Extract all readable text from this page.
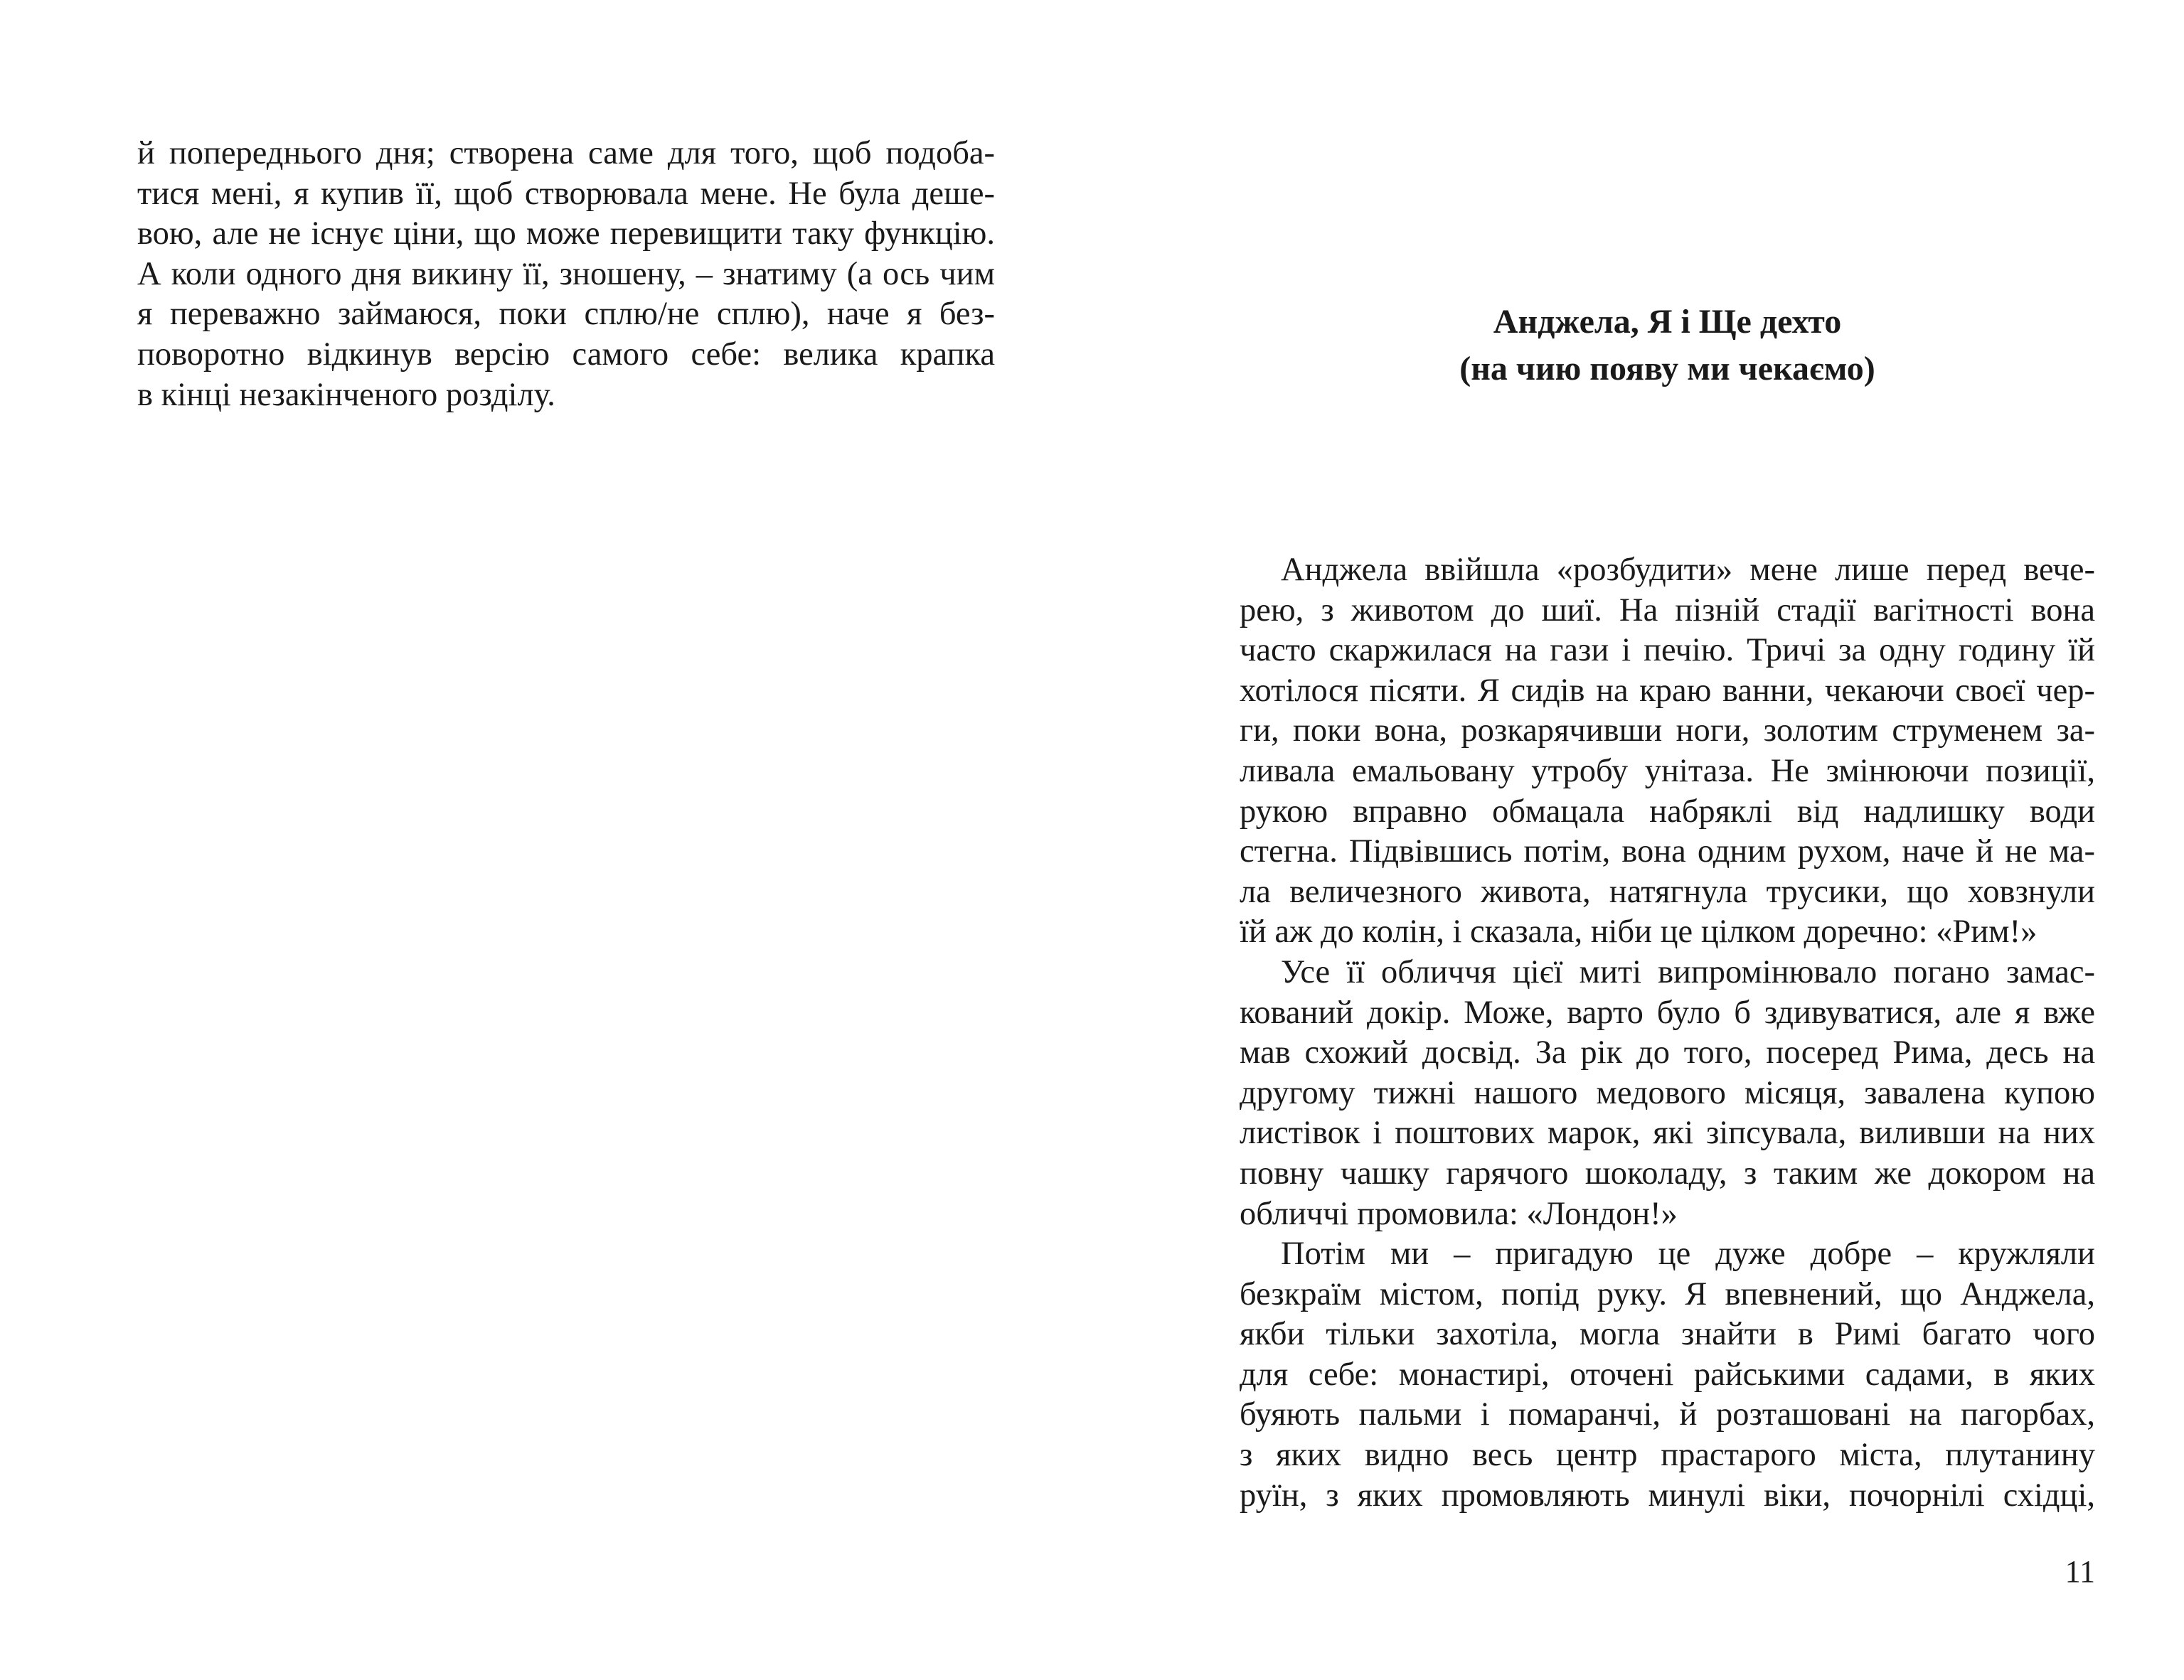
й попереднього дня; створена саме для того, щоб подоба-
тися мені, я купив її, щоб створювала мене. Не була деше-
вою, але не існує ціни, що може перевищити таку функцію.
А коли одного дня викину її, зношену, – знатиму (а ось чим
я переважно займаюся, поки сплю/не сплю), наче я без-
поворотно відкинув версію самого себе: велика крапка
в кінці незакінченого розділу.
Анджела, Я і Ще дехто
(на чию появу ми чекаємо)
Анджела ввійшла «розбудити» мене лише перед вече-
рею, з животом до шиї. На пізній стадії вагітності вона
часто скаржилася на гази і печію. Тричі за одну годину їй
хотілося пісяти. Я сидів на краю ванни, чекаючи своєї чер-
ги, поки вона, розкарячивши ноги, золотим струменем за-
ливала емальовану утробу унітаза. Не змінюючи позиції,
рукою вправно обмацала набряклі від надлишку води
стегна. Підвівшись потім, вона одним рухом, наче й не ма-
ла величезного живота, натягнула трусики, що ховзнули
їй аж до колін, і сказала, ніби це цілком доречно: «Рим!»
Усе її обличчя цієї миті випромінювало погано замас-
кований докір. Може, варто було б здивуватися, але я вже
мав схожий досвід. За рік до того, посеред Рима, десь на
другому тижні нашого медового місяця, завалена купою
листівок і поштових марок, які зіпсувала, виливши на них
повну чашку гарячого шоколаду, з таким же докором на
обличчі промовила: «Лондон!»
Потім ми – пригадую це дуже добре – кружляли
безкраїм містом, попід руку. Я впевнений, що Анджела,
якби тільки захотіла, могла знайти в Римі багато чого
для себе: монастирі, оточені райськими садами, в яких
буяють пальми і помаранчі, й розташовані на пагорбах,
з яких видно весь центр прастарого міста, плутанину
руїн, з яких промовляють минулі віки, почорнілі східці,
11
